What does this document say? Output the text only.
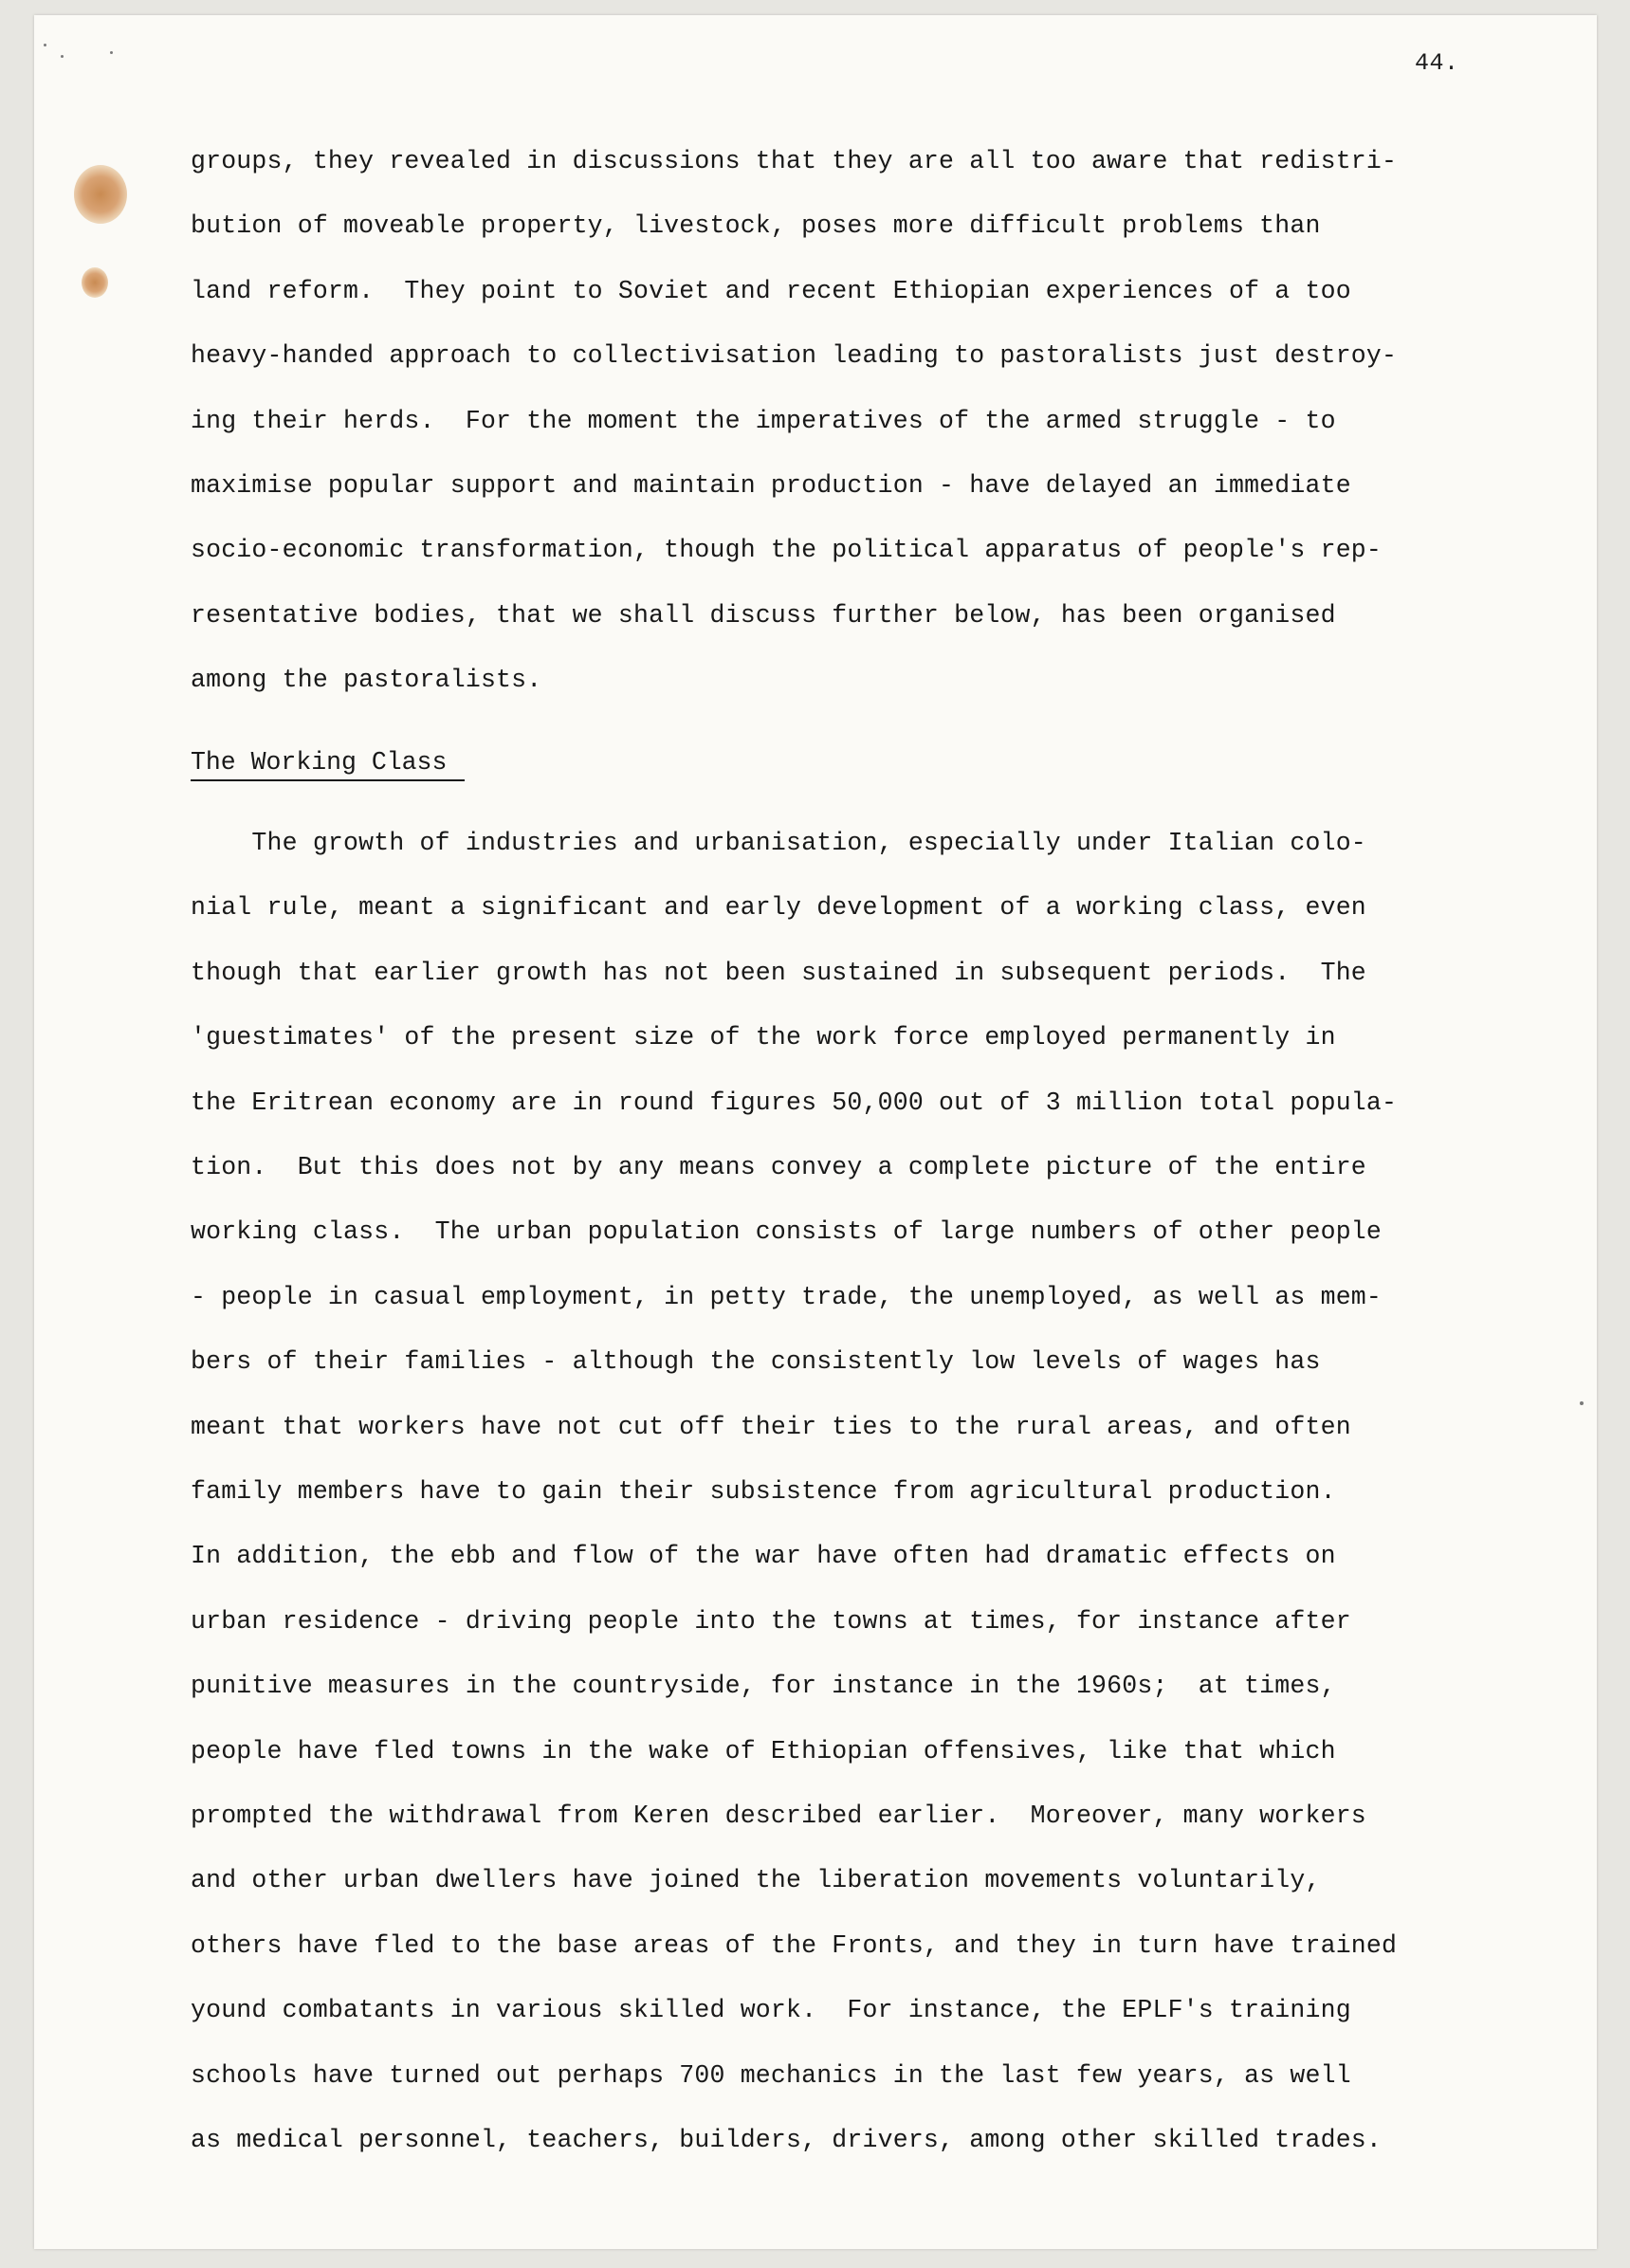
44.
groups, they revealed in discussions that they are all too aware that redistri-
bution of moveable property, livestock, poses more difficult problems than
land reform.  They point to Soviet and recent Ethiopian experiences of a too
heavy-handed approach to collectivisation leading to pastoralists just destroy-
ing their herds.  For the moment the imperatives of the armed struggle - to
maximise popular support and maintain production - have delayed an immediate
socio-economic transformation, though the political apparatus of people's rep-
resentative bodies, that we shall discuss further below, has been organised
among the pastoralists.
The Working Class
The growth of industries and urbanisation, especially under Italian colo-
nial rule, meant a significant and early development of a working class, even
though that earlier growth has not been sustained in subsequent periods.  The
'guestimates' of the present size of the work force employed permanently in
the Eritrean economy are in round figures 50,000 out of 3 million total popula-
tion.  But this does not by any means convey a complete picture of the entire
working class.  The urban population consists of large numbers of other people
- people in casual employment, in petty trade, the unemployed, as well as mem-
bers of their families - although the consistently low levels of wages has
meant that workers have not cut off their ties to the rural areas, and often
family members have to gain their subsistence from agricultural production.
In addition, the ebb and flow of the war have often had dramatic effects on
urban residence - driving people into the towns at times, for instance after
punitive measures in the countryside, for instance in the 1960s;  at times,
people have fled towns in the wake of Ethiopian offensives, like that which
prompted the withdrawal from Keren described earlier.  Moreover, many workers
and other urban dwellers have joined the liberation movements voluntarily,
others have fled to the base areas of the Fronts, and they in turn have trained
yound combatants in various skilled work.  For instance, the EPLF's training
schools have turned out perhaps 700 mechanics in the last few years, as well
as medical personnel, teachers, builders, drivers, among other skilled trades.
